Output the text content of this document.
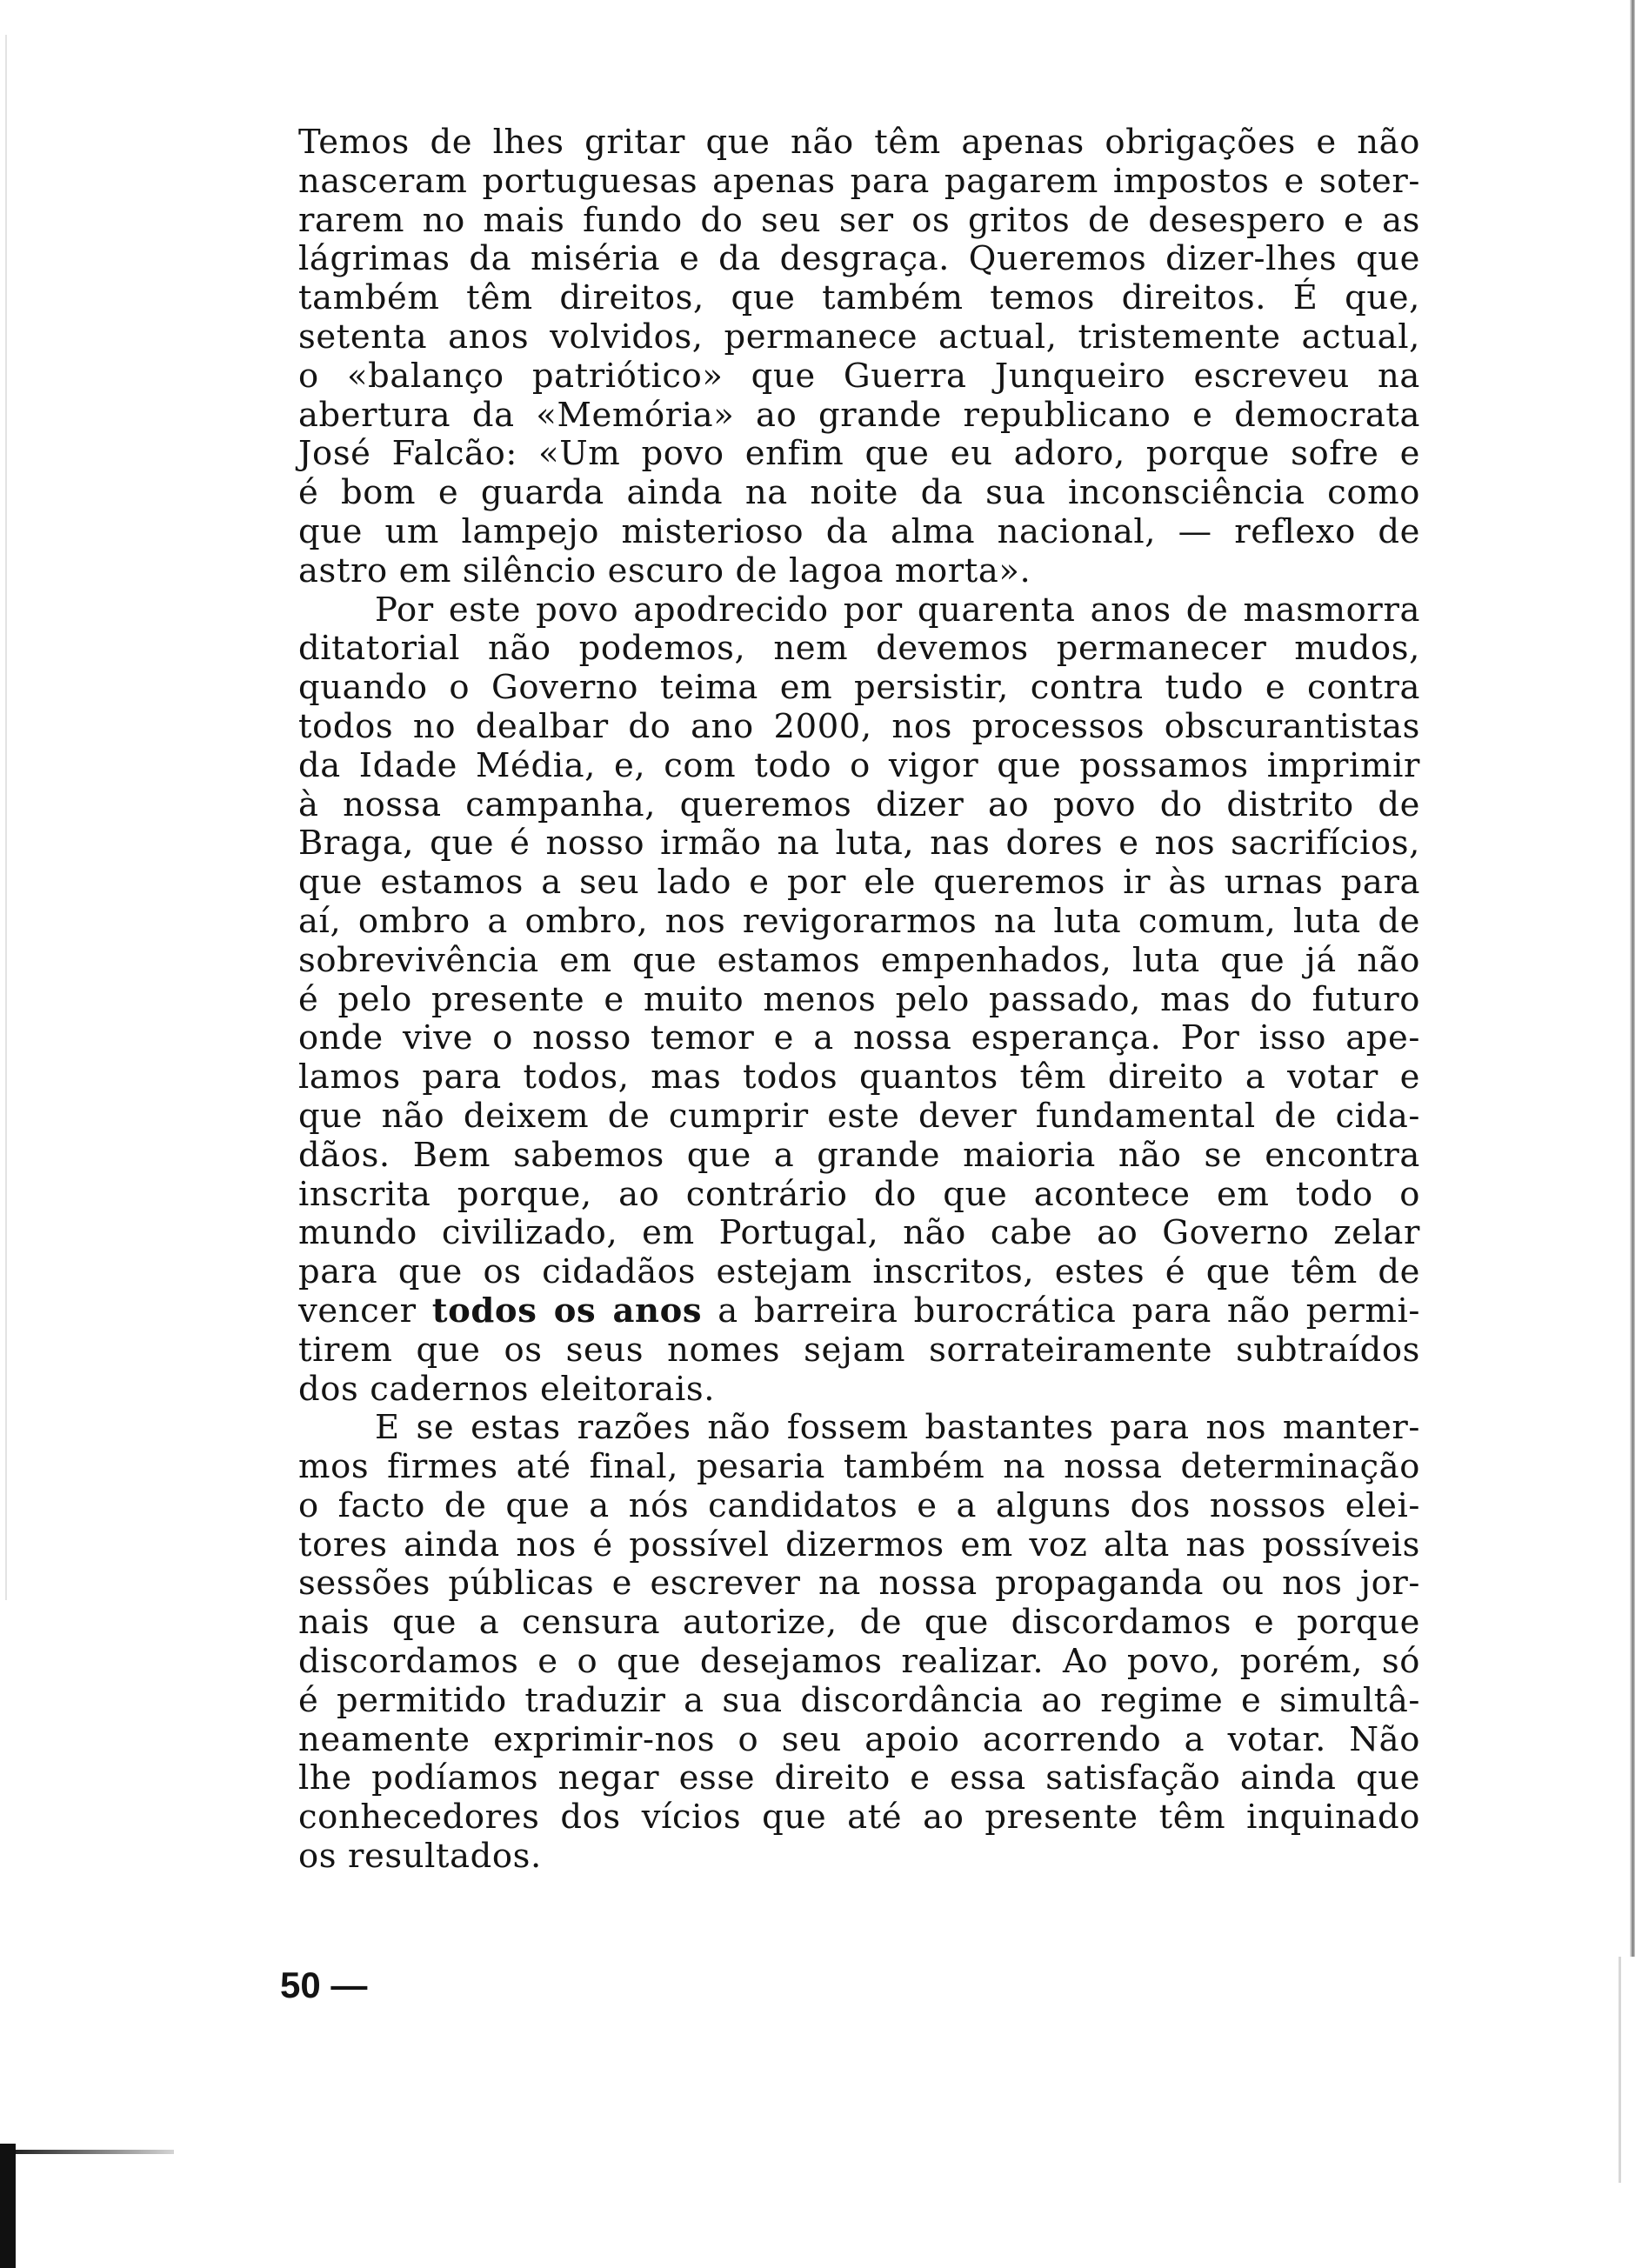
Temos de lhes gritar que não têm apenas obrigações e não
nasceram portuguesas apenas para pagarem impostos e soter-
rarem no mais fundo do seu ser os gritos de desespero e as
lágrimas da miséria e da desgraça. Queremos dizer-lhes que
também têm direitos, que também temos direitos. É que,
setenta anos volvidos, permanece actual, tristemente actual,
o «balanço patriótico» que Guerra Junqueiro escreveu na
abertura da «Memória» ao grande republicano e democrata
José Falcão: «Um povo enfim que eu adoro, porque sofre e
é bom e guarda ainda na noite da sua inconsciência como
que um lampejo misterioso da alma nacional, — reflexo de
astro em silêncio escuro de lagoa morta».

Por este povo apodrecido por quarenta anos de masmorra
ditatorial não podemos, nem devemos permanecer mudos,
quando o Governo teima em persistir, contra tudo e contra
todos no dealbar do ano 2000, nos processos obscurantistas
da Idade Média, e, com todo o vigor que possamos imprimir
à nossa campanha, queremos dizer ao povo do distrito de
Braga, que é nosso irmão na luta, nas dores e nos sacrifícios,
que estamos a seu lado e por ele queremos ir às urnas para
aí, ombro a ombro, nos revigorarmos na luta comum, luta de
sobrevivência em que estamos empenhados, luta que já não
é pelo presente e muito menos pelo passado, mas do futuro
onde vive o nosso temor e a nossa esperança. Por isso ape-
lamos para todos, mas todos quantos têm direito a votar e
que não deixem de cumprir este dever fundamental de cida-
dãos. Bem sabemos que a grande maioria não se encontra
inscrita porque, ao contrário do que acontece em todo o
mundo civilizado, em Portugal, não cabe ao Governo zelar
para que os cidadãos estejam inscritos, estes é que têm de
vencer todos os anos a barreira burocrática para não permi-
tirem que os seus nomes sejam sorrateiramente subtraídos
dos cadernos eleitorais.

E se estas razões não fossem bastantes para nos manter-
mos firmes até final, pesaria também na nossa determinação
o facto de que a nós candidatos e a alguns dos nossos elei-
tores ainda nos é possível dizermos em voz alta nas possíveis
sessões públicas e escrever na nossa propaganda ou nos jor-
nais que a censura autorize, de que discordamos e porque
discordamos e o que desejamos realizar. Ao povo, porém, só
é permitido traduzir a sua discordância ao regime e simultâ-
neamente exprimir-nos o seu apoio acorrendo a votar. Não
lhe podíamos negar esse direito e essa satisfação ainda que
conhecedores dos vícios que até ao presente têm inquinado
os resultados.

50 —
